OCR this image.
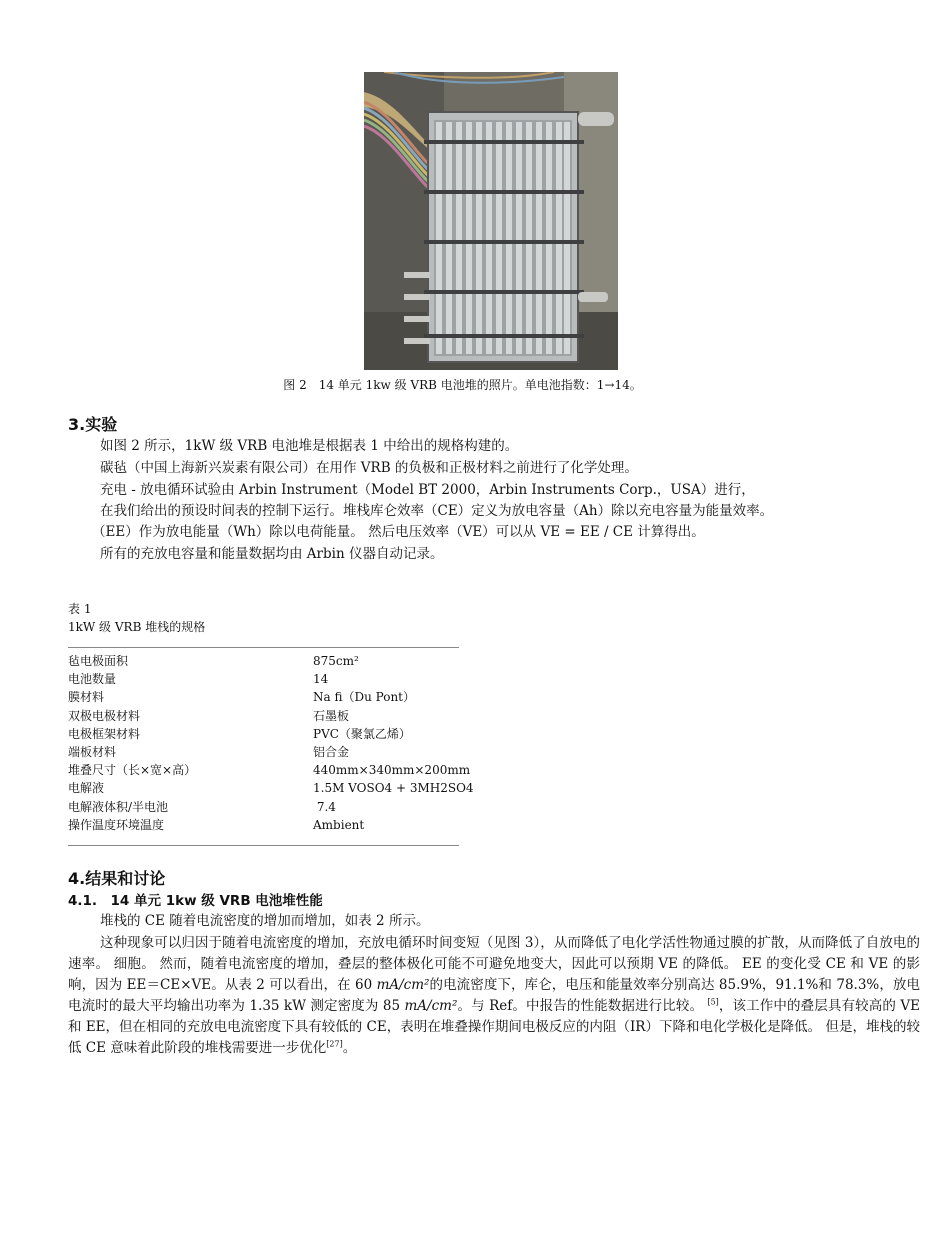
图 2　14 单元 1kw 级 VRB 电池堆的照片。单电池指数：1→14。
3.实验
如图 2 所示，1kW 级 VRB 电池堆是根据表 1 中给出的规格构建的。
碳毡（中国上海新兴炭素有限公司）在用作 VRB 的负极和正极材料之前进行了化学处理。
充电 - 放电循环试验由 Arbin Instrument（Model BT 2000，Arbin Instruments Corp.，USA）进行，
在我们给出的预设时间表的控制下运行。堆栈库仑效率（CE）定义为放电容量（Ah）除以充电容量为能量效率。
（EE）作为放电能量（Wh）除以电荷能量。 然后电压效率（VE）可以从 VE = EE / CE 计算得出。
所有的充放电容量和能量数据均由 Arbin 仪器自动记录。
表 1
1kW 级 VRB 堆栈的规格
毡电极面积	875cm²
电池数量	14
膜材料	Na fi（Du Pont）
双极电极材料	石墨板
电极框架材料	PVC（聚氯乙烯）
端板材料	铝合金
堆叠尺寸（长×宽×高）	440mm×340mm×200mm
电解液	1.5M VOSO4 + 3MH2SO4
电解液体积/半电池	7.4
操作温度环境温度	Ambient
4.结果和讨论
4.1.　14 单元 1kw 级 VRB 电池堆性能
堆栈的 CE 随着电流密度的增加而增加，如表 2 所示。
这种现象可以归因于随着电流密度的增加，充放电循环时间变短（见图 3），从而降低了电化学活性物通过膜的扩散，从而降低了自放电的速率。 细胞。 然而，随着电流密度的增加，叠层的整体极化可能不可避免地变大，因此可以预期 VE 的降低。 EE 的变化受 CE 和 VE 的影响，因为 EE＝CE×VE。从表 2 可以看出，在 60 mA/cm²的电流密度下，库仑，电压和能量效率分别高达 85.9%，91.1%和 78.3%，放电电流时的最大平均输出功率为 1.35 kW 测定密度为 85 mA/cm²。与 Ref。中报告的性能数据进行比较。 [5]，该工作中的叠层具有较高的 VE 和 EE，但在相同的充放电电流密度下具有较低的 CE，表明在堆叠操作期间电极反应的内阻（IR）下降和电化学极化是降低。 但是，堆栈的较低 CE 意味着此阶段的堆栈需要进一步优化[27]。
